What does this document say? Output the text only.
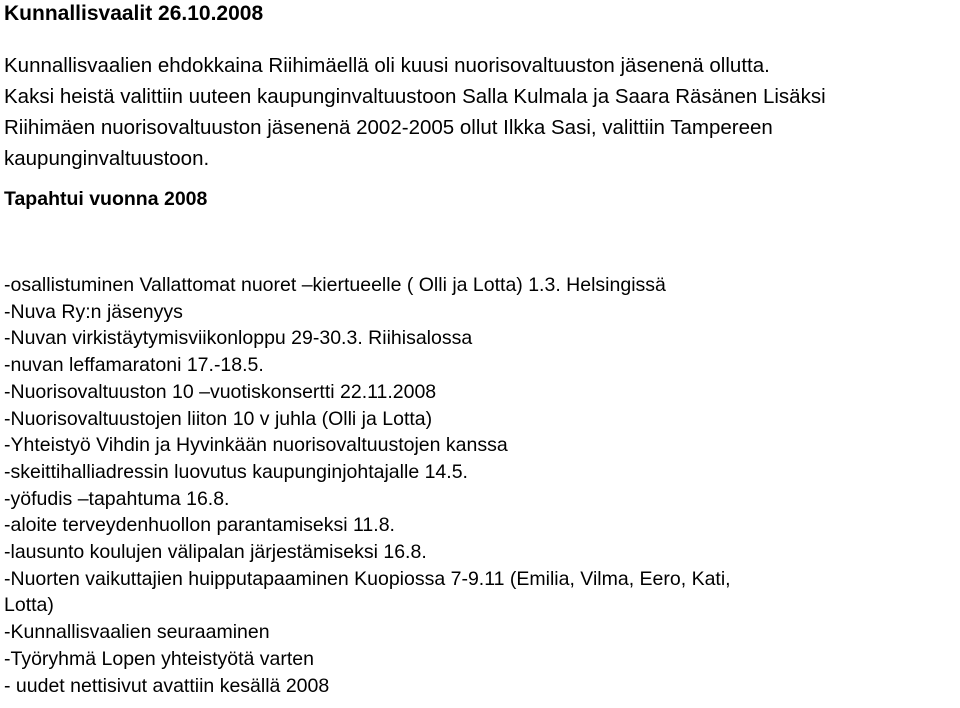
Kunnallisvaalit 26.10.2008
Kunnallisvaalien ehdokkaina Riihimäellä oli kuusi nuorisovaltuuston jäsenenä ollutta.
Kaksi heistä valittiin uuteen kaupunginvaltuustoon Salla Kulmala ja Saara Räsänen Lisäksi
Riihimäen nuorisovaltuuston jäsenenä 2002-2005 ollut Ilkka Sasi, valittiin Tampereen
kaupunginvaltuustoon.
Tapahtui vuonna 2008
-osallistuminen Vallattomat nuoret –kiertueelle ( Olli ja Lotta) 1.3. Helsingissä
-Nuva Ry:n jäsenyys
-Nuvan virkistäytymisviikonloppu 29-30.3. Riihisalossa
-nuvan leffamaratoni 17.-18.5.
-Nuorisovaltuuston 10 –vuotiskonsertti 22.11.2008
-Nuorisovaltuustojen liiton 10 v juhla (Olli ja Lotta)
-Yhteistyö Vihdin ja Hyvinkään nuorisovaltuustojen kanssa
-skeittihalliadressin luovutus kaupunginjohtajalle 14.5.
-yöfudis –tapahtuma 16.8.
-aloite terveydenhuollon parantamiseksi 11.8.
-lausunto koulujen välipalan järjestämiseksi 16.8.
-Nuorten vaikuttajien huipputapaaminen Kuopiossa 7-9.11 (Emilia, Vilma, Eero, Kati,
Lotta)
-Kunnallisvaalien seuraaminen
-Työryhmä Lopen yhteistyötä varten
- uudet nettisivut avattiin kesällä 2008
